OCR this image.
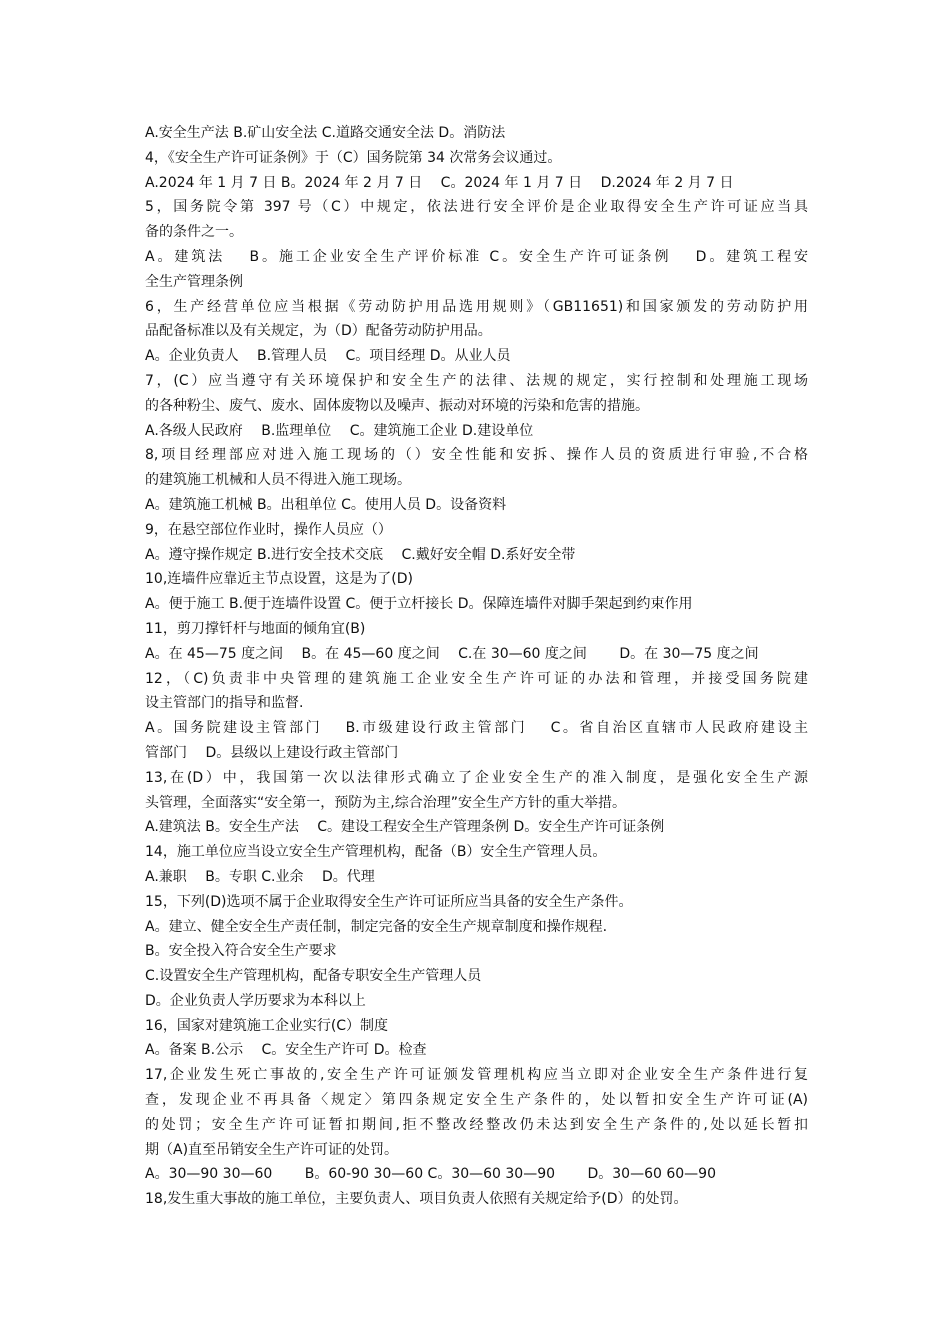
A.安全生产法 B.矿山安全法 C.道路交通安全法 D。消防法
4，《安全生产许可证条例》于（C）国务院第 34 次常务会议通过。
A.2024 年 1 月 7 日 B。2024 年 2 月 7 日 　C。2024 年 1 月 7 日 　D.2024 年 2 月 7 日
5，国务院令第 397 号（C）中规定，依法进行安全评价是企业取得安全生产许可证应当具
备的条件之一。
A。建筑法 　B。施工企业安全生产评价标准 C。安全生产许可证条例 　D。建筑工程安
全生产管理条例
6，生产经营单位应当根据《劳动防护用品选用规则》（GB11651)和国家颁发的劳动防护用
品配备标准以及有关规定，为（D）配备劳动防护用品。
A。企业负责人 　B.管理人员 　C。项目经理 D。从业人员
7，(C）应当遵守有关环境保护和安全生产的法律、法规的规定，实行控制和处理施工现场
的各种粉尘、废气、废水、固体废物以及噪声、振动对环境的污染和危害的措施。
A.各级人民政府 　B.监理单位 　C。建筑施工企业 D.建设单位
8,项目经理部应对进入施工现场的（）安全性能和安拆、操作人员的资质进行审验,不合格
的建筑施工机械和人员不得进入施工现场。
A。建筑施工机械 B。出租单位 C。使用人员 D。设备资料
9，在悬空部位作业时，操作人员应（）
A。遵守操作规定 B.进行安全技术交底 　C.戴好安全帽 D.系好安全带
10,连墙件应靠近主节点设置，这是为了(D)
A。便于施工 B.便于连墙件设置 C。便于立杆接长 D。保障连墙件对脚手架起到约束作用
11，剪刀撑钎杆与地面的倾角宜(B)
A。在 45—75 度之间 　B。在 45—60 度之间 　C.在 30—60 度之间 　　D。在 30—75 度之间
12，（C)负责非中央管理的建筑施工企业安全生产许可证的办法和管理，并接受国务院建
设主管部门的指导和监督.
A。国务院建设主管部门 　B.市级建设行政主管部门 　C。省自治区直辖市人民政府建设主
管部门 　D。县级以上建设行政主管部门
13,在(D）中，我国第一次以法律形式确立了企业安全生产的准入制度，是强化安全生产源
头管理，全面落实“安全第一，预防为主,综合治理”安全生产方针的重大举措。
A.建筑法 B。安全生产法 　C。建设工程安全生产管理条例 D。安全生产许可证条例
14，施工单位应当设立安全生产管理机构，配备（B）安全生产管理人员。
A.兼职 　B。专职 C.业余 　D。代理
15，下列(D)选项不属于企业取得安全生产许可证所应当具备的安全生产条件。
A。建立、健全安全生产责任制，制定完备的安全生产规章制度和操作规程.
B。安全投入符合安全生产要求
C.设置安全生产管理机构，配备专职安全生产管理人员
D。企业负责人学历要求为本科以上
16，国家对建筑施工企业实行(C）制度
A。备案 B.公示 　C。安全生产许可 D。检查
17,企业发生死亡事故的,安全生产许可证颁发管理机构应当立即对企业安全生产条件进行复
查，发现企业不再具备〈规定〉第四条规定安全生产条件的，处以暂扣安全生产许可证(A)
的处罚；安全生产许可证暂扣期间,拒不整改经整改仍未达到安全生产条件的,处以延长暂扣
期（A)直至吊销安全生产许可证的处罚。
A。30—90 30—60 　　B。60-90 30—60 C。30—60 30—90 　　D。30—60 60—90
18,发生重大事故的施工单位，主要负责人、项目负责人依照有关规定给予(D）的处罚。
